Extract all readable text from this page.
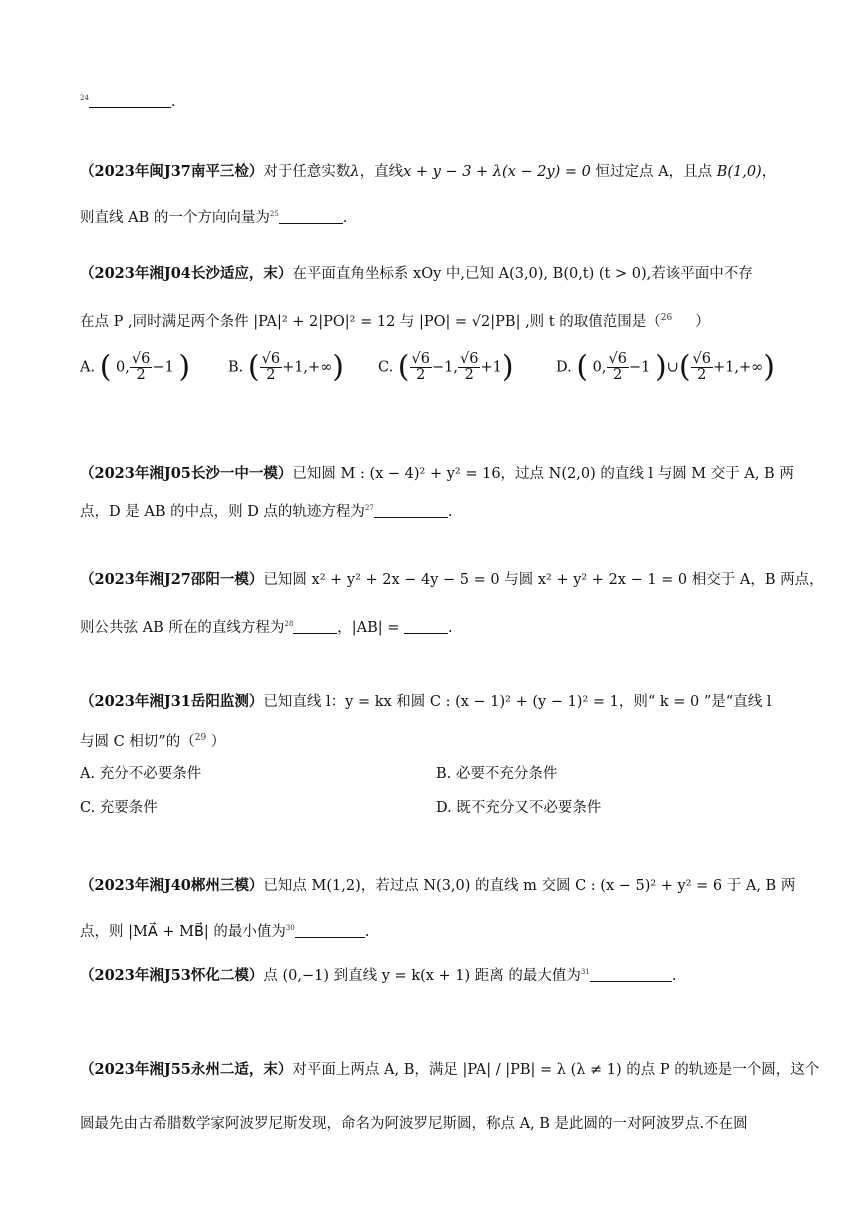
$^{24}$	.
（2023年闽J37南平三检）对于任意实数λ，直线x + y − 3 + λ(x − 2y) = 0 恒过定点 A，且点 B(1,0)，
则直线 AB 的一个方向向量为$^{25}$	.
（2023年湘J04长沙适应，末）在平面直角坐标系 xOy 中,已知 A(3,0), B(0,t) (t > 0),若该平面中不存
在点 P ,同时满足两个条件 |PA|² + 2|PO|² = 12 与 |PO| = √2|PB| ,则 t 的取值范围是（$^{26}$     ）
A. ( 0, $\frac{√6}{2} -1$ )	B. ( $\frac{√6}{2} +1,+\infty$) C. ( $\frac{√6}{2} -1$, $\frac{√6}{2} +1$)	D. ( 0, $\frac{√6}{2} -1$ )∪( $\frac{√6}{2} +1,+\infty$)
（2023年湘J05长沙一中一模）已知圆 M : (x − 4)² + y² = 16，过点 N(2,0) 的直线 l 与圆 M 交于 A, B 两
点，D 是 AB 的中点，则 D 点的轨迹方程为$^{27}$	.
（2023年湘J27邵阳一模）已知圆 x² + y² + 2x − 4y − 5 = 0 与圆 x² + y² + 2x − 1 = 0 相交于 A，B 两点，
则公共弦 AB 所在的直线方程为$^{28}$	，|AB| =	.
（2023年湘J31岳阳监测）已知直线 l：y = kx 和圆 C : (x − 1)² + (y − 1)² = 1，则“ k = 0 ”是“直线 l
与圆 C 相切”的（$^{29}$ ）
A. 充分不必要条件	B. 必要不充分条件
C. 充要条件	D. 既不充分又不必要条件
（2023年湘J40郴州三模）已知点 M(1,2)，若过点 N(3,0) 的直线 m 交圆 C : (x − 5)² + y² = 6 于 A, B 两
点，则 |MA⃗ + MB⃗| 的最小值为$^{30}$	.
（2023年湘J53怀化二模）点 (0,−1) 到直线 y = k(x + 1) 距离 的最大值为$^{31}$	.
（2023年湘J55永州二适，末）对平面上两点 A, B，满足 |PA| / |PB| = λ (λ ≠ 1) 的点 P 的轨迹是一个圆，这个
圆最先由古希腊数学家阿波罗尼斯发现，命名为阿波罗尼斯圆，称点 A, B 是此圆的一对阿波罗点.不在圆
